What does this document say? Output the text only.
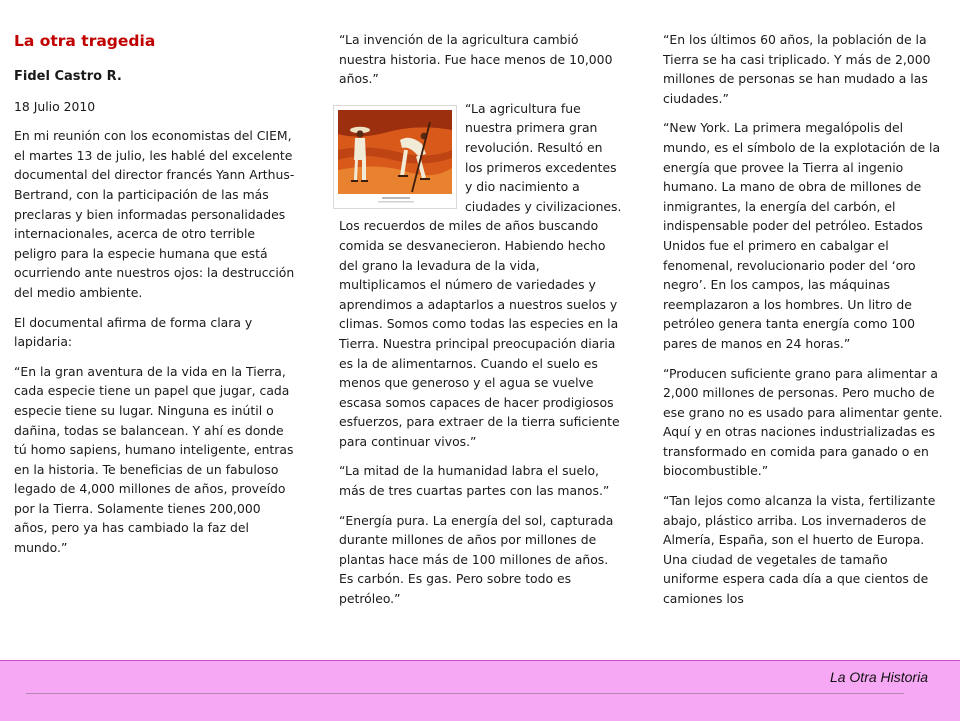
La otra tragedia
Fidel Castro R.
18 Julio 2010

En mi reunión con los economistas del CIEM, el martes 13 de julio, les hablé del excelente documental del director francés Yann Arthus-Bertrand, con la participación de las más preclaras y bien informadas personalidades internacionales, acerca de otro terrible peligro para la especie humana que está ocurriendo ante nuestros ojos: la destrucción del medio ambiente.

El documental afirma de forma clara y lapidaria:

“En la gran aventura de la vida en la Tierra, cada especie tiene un papel que jugar, cada especie tiene su lugar. Ninguna es inútil o dañina, todas se balancean. Y ahí es donde tú homo sapiens, humano inteligente, entras en la historia. Te beneficias de un fabuloso legado de 4,000 millones de años, proveído por la Tierra. Solamente tienes 200,000 años, pero ya has cambiado la faz del mundo.”

“La invención de la agricultura cambió nuestra historia. Fue hace menos de 10,000 años.”

“La agricultura fue nuestra primera gran revolución. Resultó en los primeros excedentes y dio nacimiento a ciudades y civilizaciones. Los recuerdos de miles de años buscando comida se desvanecieron. Habiendo hecho del grano la levadura de la vida, multiplicamos el número de variedades y aprendimos a adaptarlos a nuestros suelos y climas. Somos como todas las especies en la Tierra. Nuestra principal preocupación diaria es la de alimentarnos. Cuando el suelo es menos que generoso y el agua se vuelve escasa somos capaces de hacer prodigiosos esfuerzos, para extraer de la tierra suficiente para continuar vivos.”

“La mitad de la humanidad labra el suelo, más de tres cuartas partes con las manos.”

“Energía pura. La energía del sol, capturada durante millones de años por millones de plantas hace más de 100 millones de años. Es carbón. Es gas. Pero sobre todo es petróleo.”

“En los últimos 60 años, la población de la Tierra se ha casi triplicado. Y más de 2,000 millones de personas se han mudado a las ciudades.”

“New York. La primera megalópolis del mundo, es el símbolo de la explotación de la energía que provee la Tierra al ingenio humano. La mano de obra de millones de inmigrantes, la energía del carbón, el indispensable poder del petróleo. Estados Unidos fue el primero en cabalgar el fenomenal, revolucionario poder del ‘oro negro’. En los campos, las máquinas reemplazaron a los hombres. Un litro de petróleo genera tanta energía como 100 pares de manos en 24 horas.”

“Producen suficiente grano para alimentar a 2,000 millones de personas. Pero mucho de ese grano no es usado para alimentar gente. Aquí y en otras naciones industrializadas es transformado en comida para ganado o en biocombustible.”

“Tan lejos como alcanza la vista, fertilizante abajo, plástico arriba. Los invernaderos de Almería, España, son el huerto de Europa. Una ciudad de vegetales de tamaño uniforme espera cada día a que cientos de camiones los

La Otra Historia
